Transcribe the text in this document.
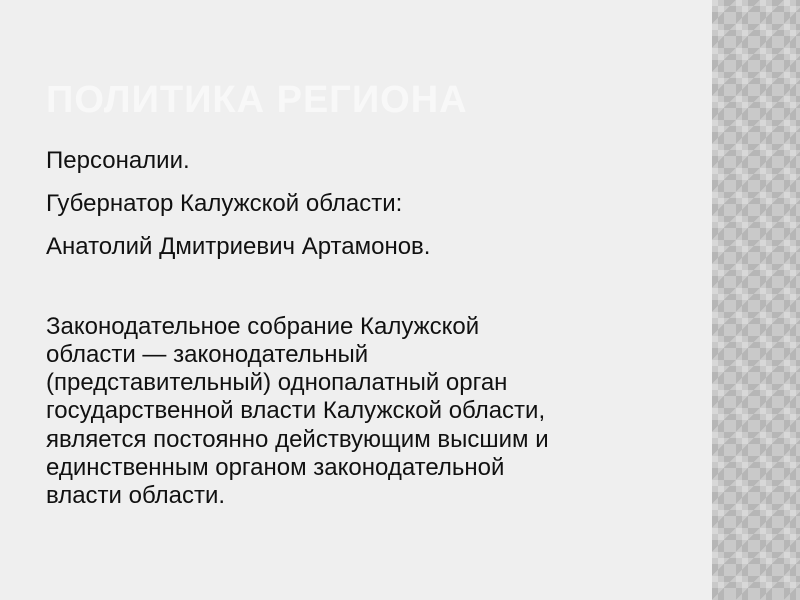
ПОЛИТИКА РЕГИОНА

Персоналии.

Губернатор Калужской области:

Анатолий Дмитриевич Артамонов.

Законодательное собрание Калужской
области — законодательный
(представительный) однопалатный орган
государственной власти Калужской области,
является постоянно действующим высшим и
единственным органом законодательной
власти области.
